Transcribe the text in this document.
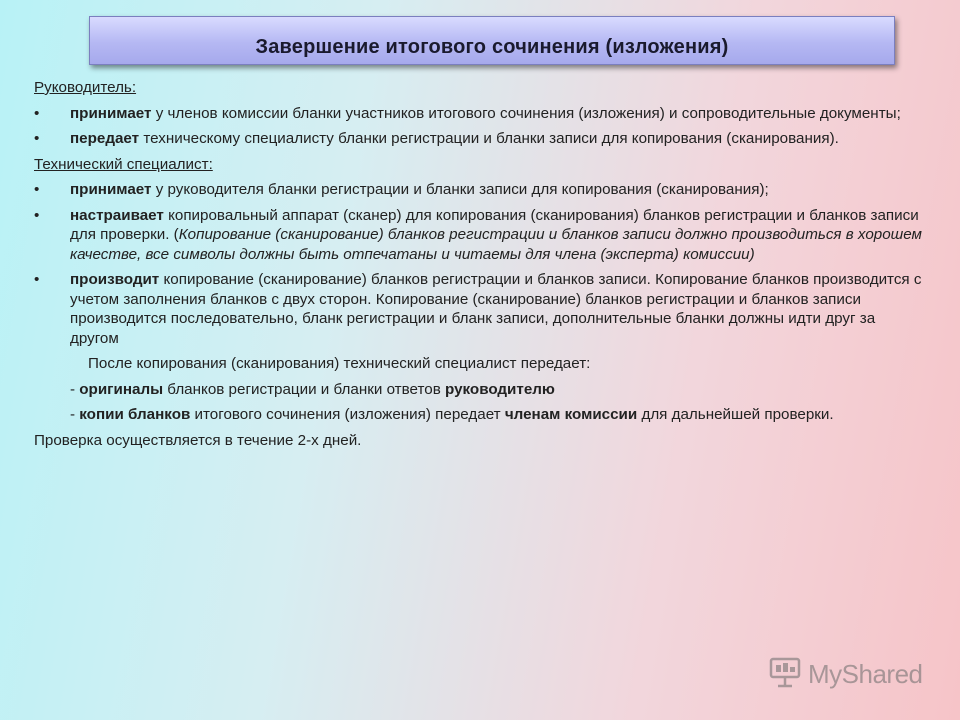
Завершение итогового сочинения (изложения)

Руководитель:

• принимает у членов комиссии бланки участников итогового сочинения (изложения) и сопроводительные документы;
• передает техническому специалисту бланки регистрации и бланки записи для копирования (сканирования).

Технический специалист:

• принимает у руководителя бланки регистрации и бланки записи для копирования (сканирования);
• настраивает копировальный аппарат (сканер) для копирования (сканирования) бланков регистрации и бланков записи для проверки. (Копирование (сканирование) бланков регистрации и бланков записи должно производиться в хорошем качестве, все символы должны быть отпечатаны и читаемы для члена (эксперта) комиссии)
• производит копирование (сканирование) бланков регистрации и бланков записи. Копирование бланков производится с учетом заполнения бланков с двух сторон. Копирование (сканирование) бланков регистрации и бланков записи производится последовательно, бланк регистрации и бланк записи, дополнительные бланки должны идти друг за другом

После копирования (сканирования) технический специалист передает:

- оригиналы бланков регистрации и бланки ответов руководителю

- копии бланков итогового сочинения (изложения) передает членам комиссии для дальнейшей проверки.

Проверка осуществляется в течение 2-х дней.

MyShared
